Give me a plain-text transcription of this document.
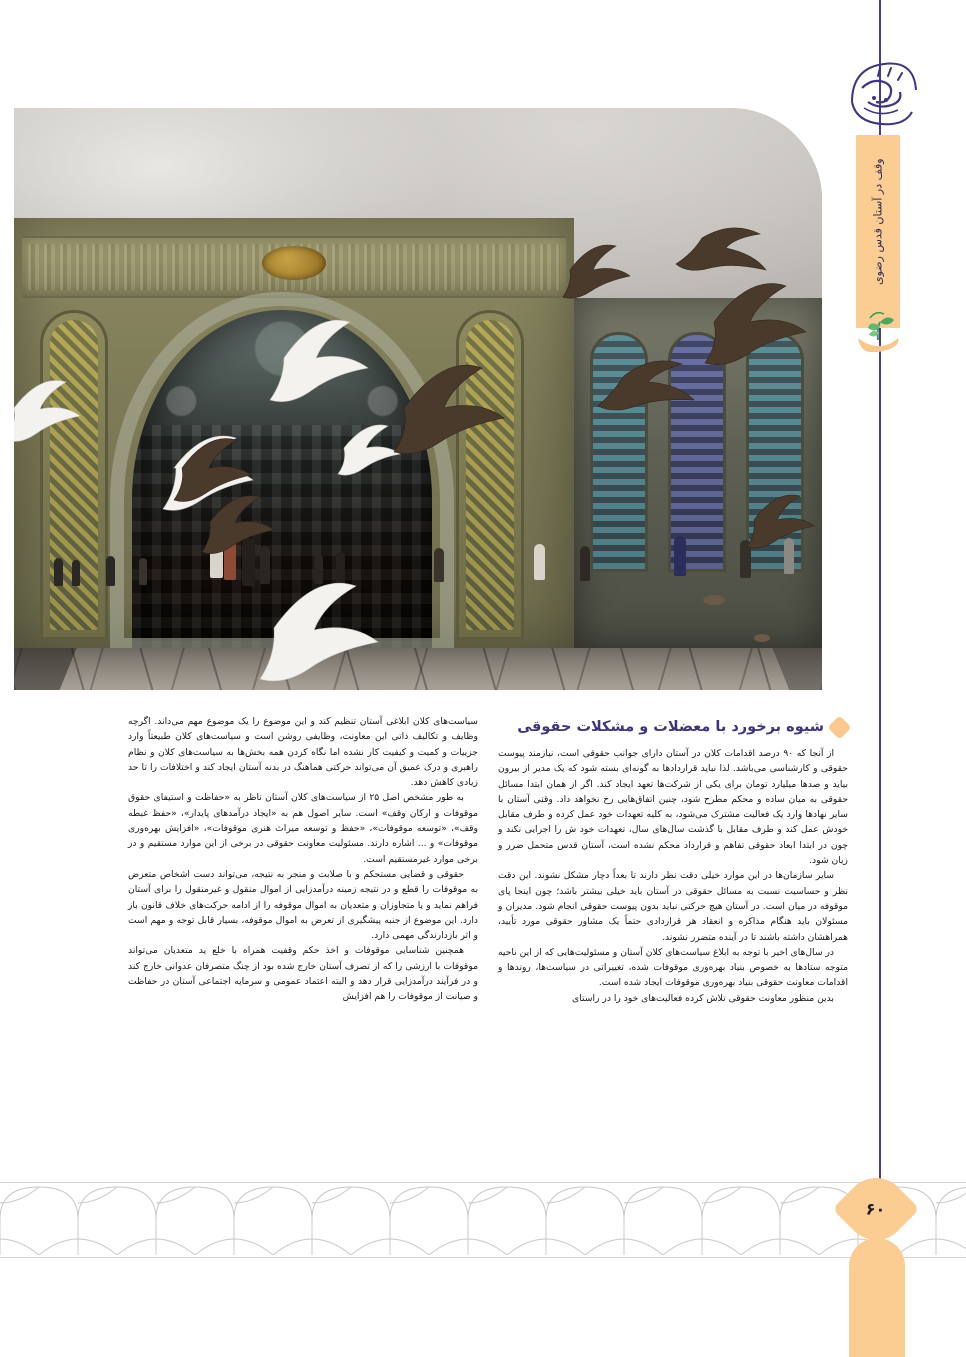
وقف در آستان قدس رضوی
شیوه برخورد با معضلات و مشکلات حقوقی

از آنجا که ۹۰ درصد اقدامات کلان در آستان دارای جوانب حقوقی است، نیازمند پیوست حقوقی و کارشناسی می‌باشد. لذا نباید قراردادها به گونه‌ای بسته شود که یک مدیر از بیرون بیاید و صدها میلیارد تومان برای یکی از شرکت‌ها تعهد ایجاد کند. اگر از همان ابتدا مسائل حقوقی به میان ساده و محکم مطرح شود، چنین اتفاق‌هایی رخ نخواهد داد. وقتی آستان با سایر نهادها وارد یک فعالیت مشترک می‌شود، به کلیه تعهدات خود عمل کرده و طرف مقابل خودش عمل کند و طرف مقابل با گذشت سال‌های سال، تعهدات خود ش را اجرایی نکند و چون در ابتدا ابعاد حقوقی تفاهم و قرارداد محکم نشده است، آستان قدس متحمل ضرر و زیان شود.

سایر سازمان‌ها در این موارد خیلی دقت نظر دارند تا بعداً دچار مشکل نشوند. این دقت نظر و حساسیت نسبت به مسائل حقوقی در آستان باید خیلی بیشتر باشد؛ چون اینجا پای موقوفه در میان است. در آستان هیچ حرکتی نباید بدون پیوست حقوقی انجام شود. مدیران و مسئولان باید هنگام مذاکره و انعقاد هر قراردادی حتماً یک مشاور حقوقی مورد تأیید، همراهشان داشته باشند تا در آینده متضرر نشوند.

در سال‌های اخیر با توجه به ابلاغ سیاست‌های کلان آستان و مسئولیت‌هایی که از این ناحیه متوجه ستادها به خصوص بنیاد بهره‌وری موقوفات شده، تغییراتی در سیاست‌ها، روندها و اقدامات معاونت حقوقی بنیاد بهره‌وری موقوفات ایجاد شده است.

بدین منظور معاونت حقوقی تلاش کرده فعالیت‌های خود را در راستای

سیاست‌های کلان ابلاغی آستان تنظیم کند و این موضوع را یک موضوع مهم می‌داند. اگرچه وظایف و تکالیف ذاتی این معاونت، وظایفی روشن است و سیاست‌های کلان طبیعتاً وارد جزییات و کمیت و کیفیت کار نشده اما نگاه کردن همه بخش‌ها به سیاست‌های کلان و نظام راهبری و درک عمیق آن می‌تواند حرکتی هماهنگ در بدنه آستان ایجاد کند و اختلافات را تا حد زیادی کاهش دهد.

به طور مشخص اصل ۲۵ از سیاست‌های کلان آستان ناظر به «حفاظت و استیفای حقوق موقوفات و ارکان وقف» است. سایر اصول هم به «ایجاد درآمدهای پایدار»، «حفظ غبطه وقف»، «توسعه موقوفات»، «حفظ و توسعه میراث هنری موقوفات»، «افزایش بهره‌وری موقوفات» و ... اشاره دارند. مسئولیت معاونت حقوقی در برخی از این موارد مستقیم و در برخی موارد غیرمستقیم است.

حقوقی و قضایی مستحکم و با صلابت و منجر به نتیجه، می‌تواند دست اشخاص متعرض به موقوفات را قطع و در نتیجه زمینه درآمدزایی از اموال منقول و غیرمنقول را برای آستان فراهم نماید و یا متجاوزان و متعدیان به اموال موقوفه را از ادامه حرکت‌های خلاف قانون باز دارد. این موضوع از جنبه پیشگیری از تعرض به اموال موقوفه، بسیار قابل توجه و مهم است و اثر بازدارندگی مهمی دارد.

همچنین شناسایی موقوفات و اخذ حکم وقفیت همراه با خلع ید متعدیان می‌تواند موقوفات با ارزشی را که از تصرف آستان خارج شده بود از چنگ متصرفان عدوانی خارج کند و در فرآیند درآمدزایی قرار دهد و البته اعتماد عمومی و سرمایه اجتماعی آستان در حفاظت و صیانت از موقوفات را هم افزایش

۶۰
